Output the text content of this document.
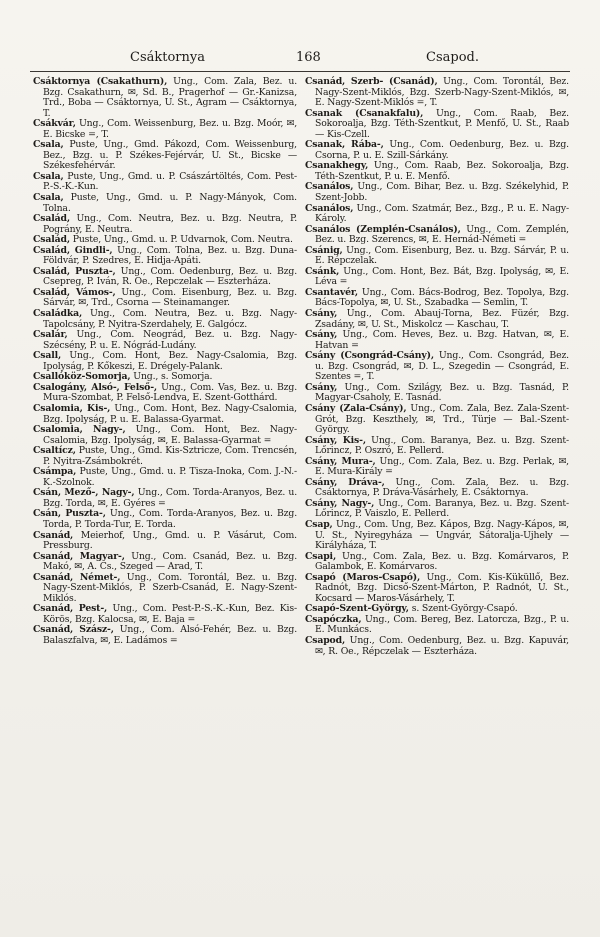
Csáktornya	168	Csapod.

Csáktornya (Csakathurn), Ung., Com. Zala, Bez. u. Bzg. Csakathurn, ✉, Sd. B., Pragerhof — Gr.-Kanizsa, Trd., Boba — Csáktornya, U. St., Agram — Csáktornya, T.

Csákvár, Ung., Com. Weissenburg, Bez. u. Bzg. Moór, ✉, E. Bicske =, T.

Csala, Puste, Ung., Gmd. Pákozd, Com. Weissenburg, Bez., Bzg. u. P. Székes-Fejérvár, U. St., Bicske — Székesfehérvár.

Csala, Puste, Ung., Gmd. u. P. Császártöltés, Com. Pest-P.-S.-K.-Kun.

Csala, Puste, Ung., Gmd. u. P. Nagy-Mányok, Com. Tolna.

Család, Ung., Com. Neutra, Bez. u. Bzg. Neutra, P. Pográny, E. Neutra.

Család, Puste, Ung., Gmd. u. P. Udvarnok, Com. Neutra.

Család, Gindli-, Ung., Com. Tolna, Bez. u. Bzg. Duna-Földvár, P. Szedres, E. Hidja-Apáti.

Család, Puszta-, Ung., Com. Oedenburg, Bez. u. Bzg. Csepreg, P. Iván, R. Oe., Repczelak — Eszterháza.

Család, Vámos-, Ung., Com. Eisenburg, Bez. u. Bzg. Sárvár, ✉, Trd., Csorna — Steinamanger.

Családka, Ung., Com. Neutra, Bez. u. Bzg. Nagy-Tapolcsány, P. Nyitra-Szerdahely, E. Galgócz.

Csalár, Ung., Com. Neográd, Bez. u. Bzg. Nagy-Szécsény, P. u. E. Nógrád-Ludány.

Csall, Ung., Com. Hont, Bez. Nagy-Csalomia, Bzg. Ipolyság, P. Kőkeszi, E. Drégely-Palank.

Csallóköz-Somorja, Ung., s. Somorja.

Csalogány, Alsó-, Felső-, Ung., Com. Vas, Bez. u. Bzg. Mura-Szombat, P. Felső-Lendva, E. Szent-Gotthárd.

Csalomia, Kis-, Ung., Com. Hont, Bez. Nagy-Csalomia, Bzg. Ipolyság, P. u. E. Balassa-Gyarmat.

Csalomia, Nagy-, Ung., Com. Hont, Bez. Nagy-Csalomia, Bzg. Ipolyság, ✉, E. Balassa-Gyarmat =

Csaltícz, Puste, Ung., Gmd. Kis-Sztricze, Com. Trencsén, P. Nyitra-Zsámbokrét.

Csámpa, Puste, Ung., Gmd. u. P. Tisza-Inoka, Com. J.-N.-K.-Szolnok.

Csán, Mező-, Nagy-, Ung., Com. Torda-Aranyos, Bez. u. Bzg. Torda, ✉, E. Gyéres =

Csán, Puszta-, Ung., Com. Torda-Aranyos, Bez. u. Bzg. Torda, P. Torda-Tur, E. Torda.

Csanád, Meierhof, Ung., Gmd. u. P. Vásárut, Com. Pressburg.

Csanád, Magyar-, Ung., Com. Csanád, Bez. u. Bzg. Makó, ✉, A. Cs., Szeged — Arad, T.

Csanád, Német-, Ung., Com. Torontál, Bez. u. Bzg. Nagy-Szent-Miklós, P. Szerb-Csanád, E. Nagy-Szent-Miklós.

Csanád, Pest-, Ung., Com. Pest-P.-S.-K.-Kun, Bez. Kis-Körös, Bzg. Kalocsa, ✉, E. Baja =

Csanád, Szász-, Ung., Com. Alsó-Fehér, Bez. u. Bzg. Balaszfalva, ✉, E. Ladámos =

Csanád, Szerb- (Csanád), Ung., Com. Torontál, Bez. Nagy-Szent-Miklós, Bzg. Szerb-Nagy-Szent-Miklós, ✉, E. Nagy-Szent-Miklós =, T.

Csanak (Csanakfalu), Ung., Com. Raab, Bez. Sokoroalja, Bzg. Téth-Szentkut, P. Menfő, U. St., Raab — Kis-Czell.

Csanak, Rába-, Ung., Com. Oedenburg, Bez. u. Bzg. Csorna, P. u. E. Szill-Sárkány.

Csanakhegy, Ung., Com. Raab, Bez. Sokoroalja, Bzg. Téth-Szentkut, P. u. E. Menfő.

Csanálos, Ung., Com. Bihar, Bez. u. Bzg. Székelyhid, P. Szent-Jobb.

Csanálos, Ung., Com. Szatmár, Bez., Bzg., P. u. E. Nagy-Károly.

Csanálos (Zemplén-Csanálos), Ung., Com. Zemplén, Bez. u. Bzg. Szerencs, ✉, E. Hernád-Németi =

Csánig, Ung., Com. Eisenburg, Bez. u. Bzg. Sárvár, P. u. E. Répczelak.

Csánk, Ung., Com. Hont, Bez. Bát, Bzg. Ipolyság, ✉, E. Léva =

Csantavér, Ung., Com. Bács-Bodrog, Bez. Topolya, Bzg. Bács-Topolya, ✉, U. St., Szabadka — Semlin, T.

Csány, Ung., Com. Abauj-Torna, Bez. Füzér, Bzg. Zsadány, ✉, U. St., Miskolcz — Kaschau, T.

Csány, Ung., Com. Heves, Bez. u. Bzg. Hatvan, ✉, E. Hatvan =

Csány (Csongrád-Csány), Ung., Com. Csongrád, Bez. u. Bzg. Csongrád, ✉, D. L., Szegedin — Csongrád, E. Szentes =, T.

Csány, Ung., Com. Szilágy, Bez. u. Bzg. Tasnád, P. Magyar-Csaholy, E. Tasnád.

Csány (Zala-Csány), Ung., Com. Zala, Bez. Zala-Szent-Grót, Bzg. Keszthely, ✉, Trd., Türje — Bal.-Szent-György.

Csány, Kis-, Ung., Com. Baranya, Bez. u. Bzg. Szent-Lőrincz, P. Oszró, E. Pellerd.

Csány, Mura-, Ung., Com. Zala, Bez. u. Bzg. Perlak, ✉, E. Mura-Király =

Csány, Dráva-, Ung., Com. Zala, Bez. u. Bzg. Csáktornya, P. Dráva-Vásárhely, E. Csáktornya.

Csány, Nagy-, Ung., Com. Baranya, Bez. u. Bzg. Szent-Lőrincz, P. Vaiszlo, E. Pellerd.

Csap, Ung., Com. Ung, Bez. Kápos, Bzg. Nagy-Kápos, ✉, U. St., Nyiregyháza — Ungvár, Sátoralja-Ujhely — Királyháza, T.

Csapi, Ung., Com. Zala, Bez. u. Bzg. Komárvaros, P. Galambok, E. Komárvaros.

Csapó (Maros-Csapó), Ung., Com. Kis-Küküllő, Bez. Radnót, Bzg. Dicső-Szent-Márton, P. Radnót, U. St., Kocsard — Maros-Vásárhely, T.

Csapó-Szent-György, s. Szent-György-Csapó.

Csapóczka, Ung., Com. Bereg, Bez. Latorcza, Bzg., P. u. E. Munkács.

Csapod, Ung., Com. Oedenburg, Bez. u. Bzg. Kapuvár, ✉, R. Oe., Répczelak — Eszterháza.
